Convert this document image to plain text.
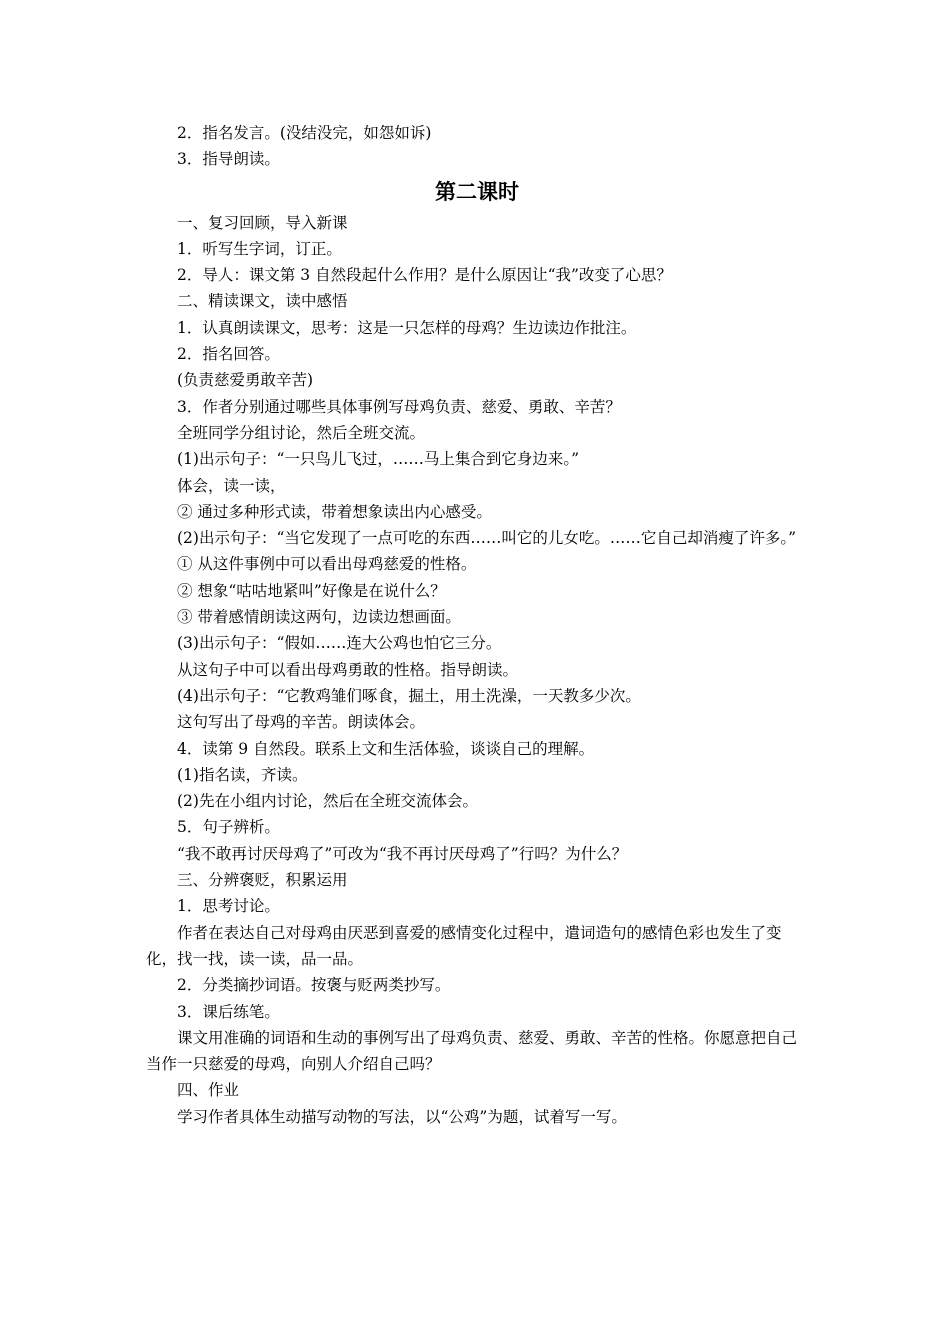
2．指名发言。(没结没完，如怨如诉)

3．指导朗读。

第二课时

一、复习回顾，导入新课

1．听写生字词，订正。

2．导人：课文第 3 自然段起什么作用？是什么原因让“我”改变了心思？

二、精读课文，读中感悟

1．认真朗读课文，思考：这是一只怎样的母鸡？生边读边作批注。

2．指名回答。

(负责慈爱勇敢辛苦)

3．作者分别通过哪些具体事例写母鸡负责、慈爱、勇敢、辛苦？

全班同学分组讨论，然后全班交流。

(1)出示句子：“一只鸟儿飞过，……马上集合到它身边来。”

体会，读一读，

② 通过多种形式读，带着想象读出内心感受。

(2)出示句子：“当它发现了一点可吃的东西……叫它的儿女吃。……它自己却消瘦了许多。”

① 从这件事例中可以看出母鸡慈爱的性格。

② 想象“咕咕地紧叫”好像是在说什么？

③ 带着感情朗读这两句，边读边想画面。

(3)出示句子：“假如……连大公鸡也怕它三分。

从这句子中可以看出母鸡勇敢的性格。指导朗读。

(4)出示句子：“它教鸡雏们啄食，掘土，用土洗澡，一天教多少次。

这句写出了母鸡的辛苦。朗读体会。

4．读第 9 自然段。联系上文和生活体验，谈谈自己的理解。

(1)指名读，齐读。

(2)先在小组内讨论，然后在全班交流体会。

5．句子辨析。

“我不敢再讨厌母鸡了”可改为“我不再讨厌母鸡了”行吗？为什么？

三、分辨褒贬，积累运用

1．思考讨论。

作者在表达自己对母鸡由厌恶到喜爱的感情变化过程中，遣词造句的感情色彩也发生了变化，找一找，读一读，品一品。

2．分类摘抄词语。按褒与贬两类抄写。

3．课后练笔。

课文用准确的词语和生动的事例写出了母鸡负责、慈爱、勇敢、辛苦的性格。你愿意把自己当作一只慈爱的母鸡，向别人介绍自己吗？

四、作业

学习作者具体生动描写动物的写法，以“公鸡”为题，试着写一写。
